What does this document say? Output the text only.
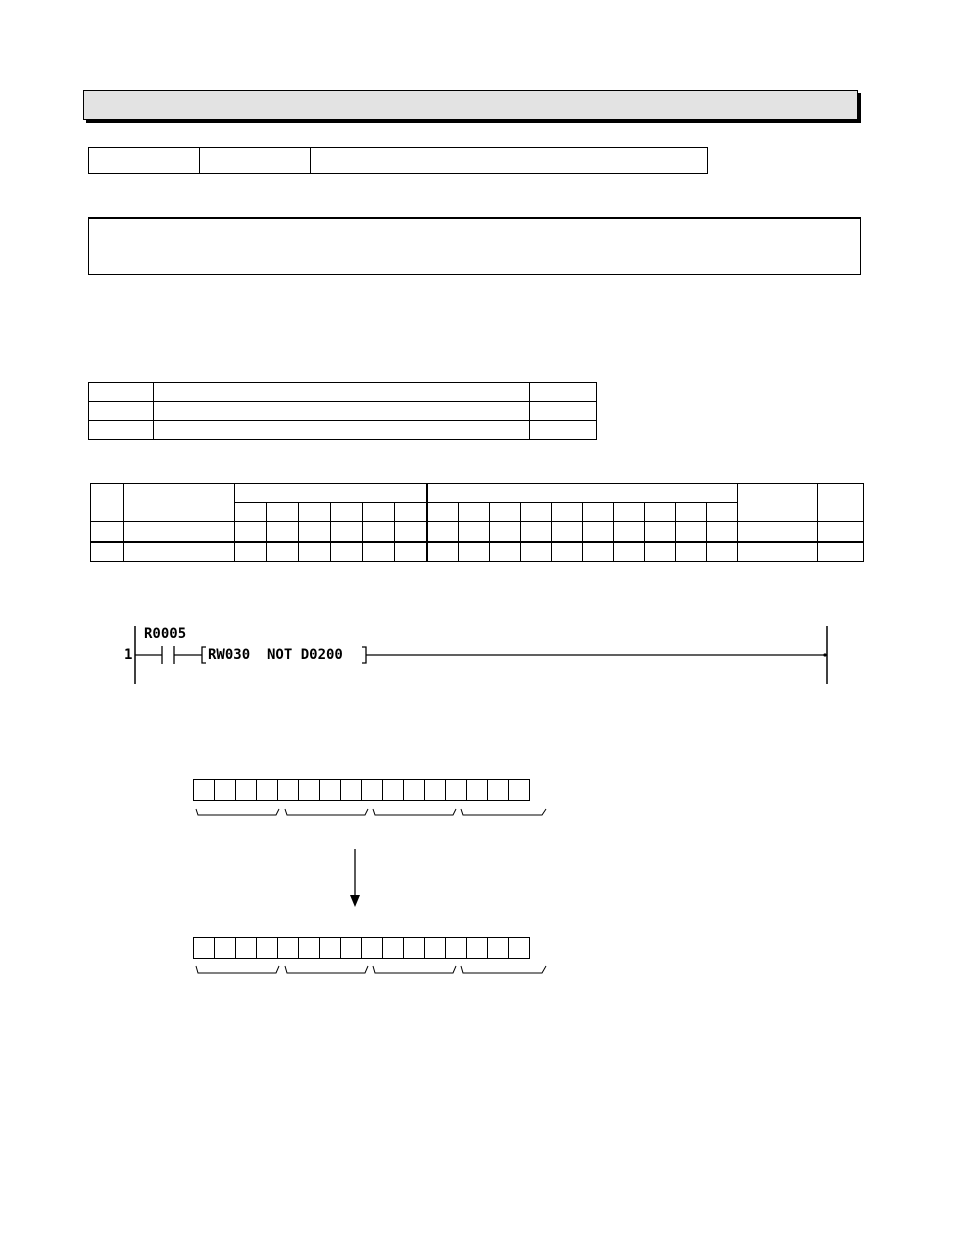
R0005
1	RW030  NOT D0200
